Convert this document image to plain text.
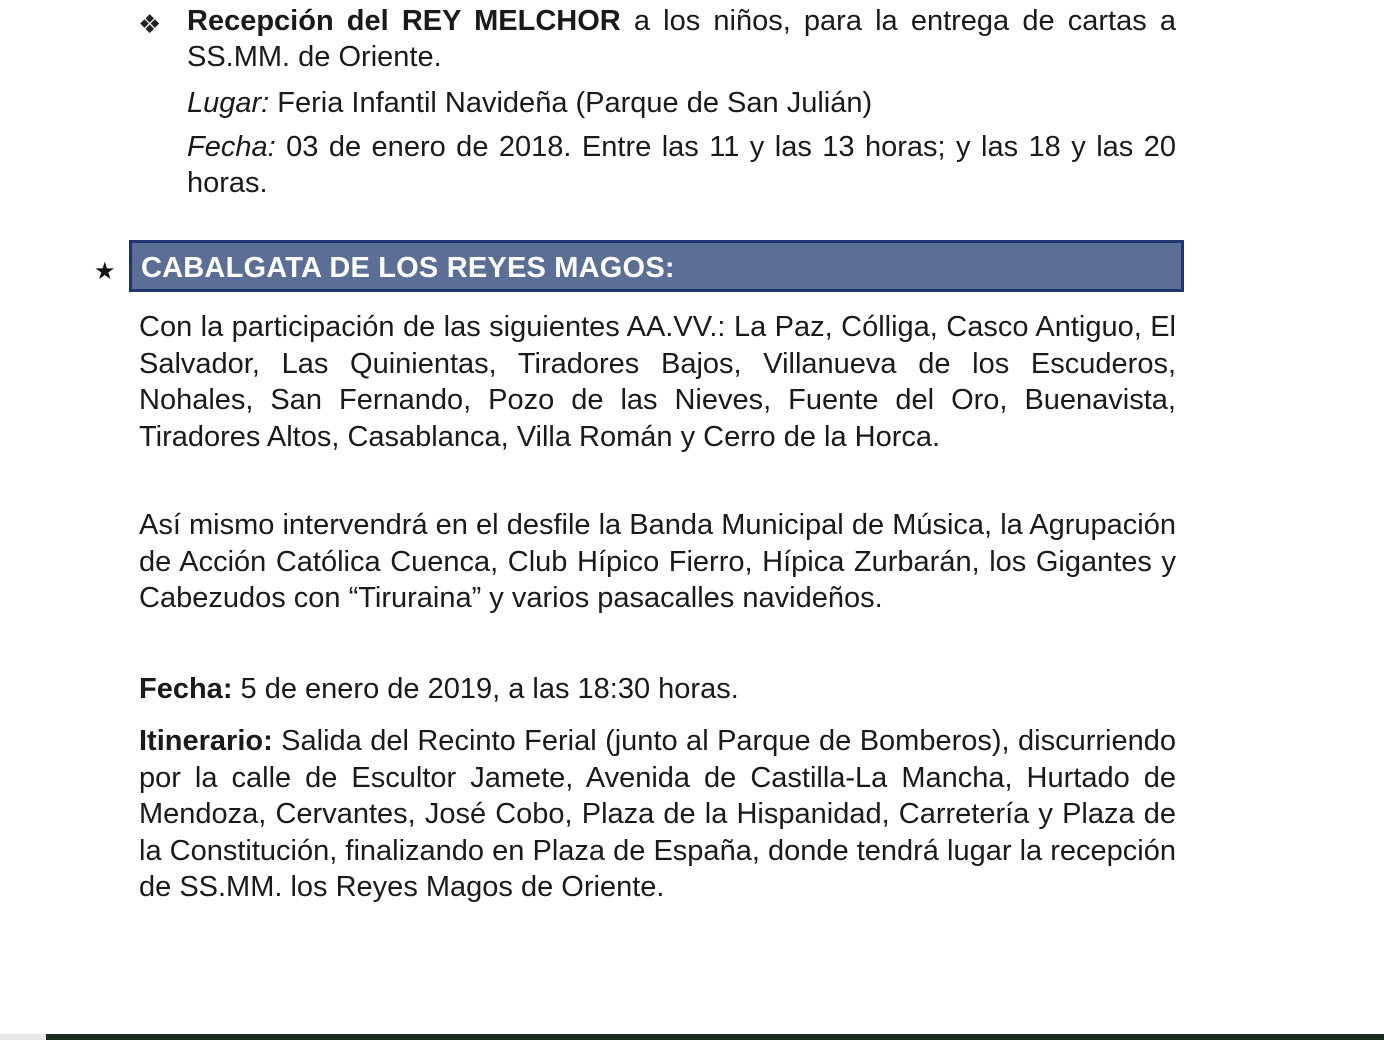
❖ Recepción del REY MELCHOR a los niños, para la entrega de cartas a SS.MM. de Oriente.

Lugar: Feria Infantil Navideña (Parque de San Julián)

Fecha: 03 de enero de 2018. Entre las 11 y las 13 horas; y las 18 y las 20 horas.

★ CABALGATA DE LOS REYES MAGOS:

Con la participación de las siguientes AA.VV.: La Paz, Cólliga, Casco Antiguo, El Salvador, Las Quinientas, Tiradores Bajos, Villanueva de los Escuderos, Nohales, San Fernando, Pozo de las Nieves, Fuente del Oro, Buenavista, Tiradores Altos, Casablanca, Villa Román y Cerro de la Horca.

Así mismo intervendrá en el desfile la Banda Municipal de Música, la Agrupación de Acción Católica Cuenca, Club Hípico Fierro, Hípica Zurbarán, los Gigantes y Cabezudos con “Tiruraina” y varios pasacalles navideños.

Fecha: 5 de enero de 2019, a las 18:30 horas.

Itinerario: Salida del Recinto Ferial (junto al Parque de Bomberos), discurriendo por la calle de Escultor Jamete, Avenida de Castilla-La Mancha, Hurtado de Mendoza, Cervantes, José Cobo, Plaza de la Hispanidad, Carretería y Plaza de la Constitución, finalizando en Plaza de España, donde tendrá lugar la recepción de SS.MM. los Reyes Magos de Oriente.
